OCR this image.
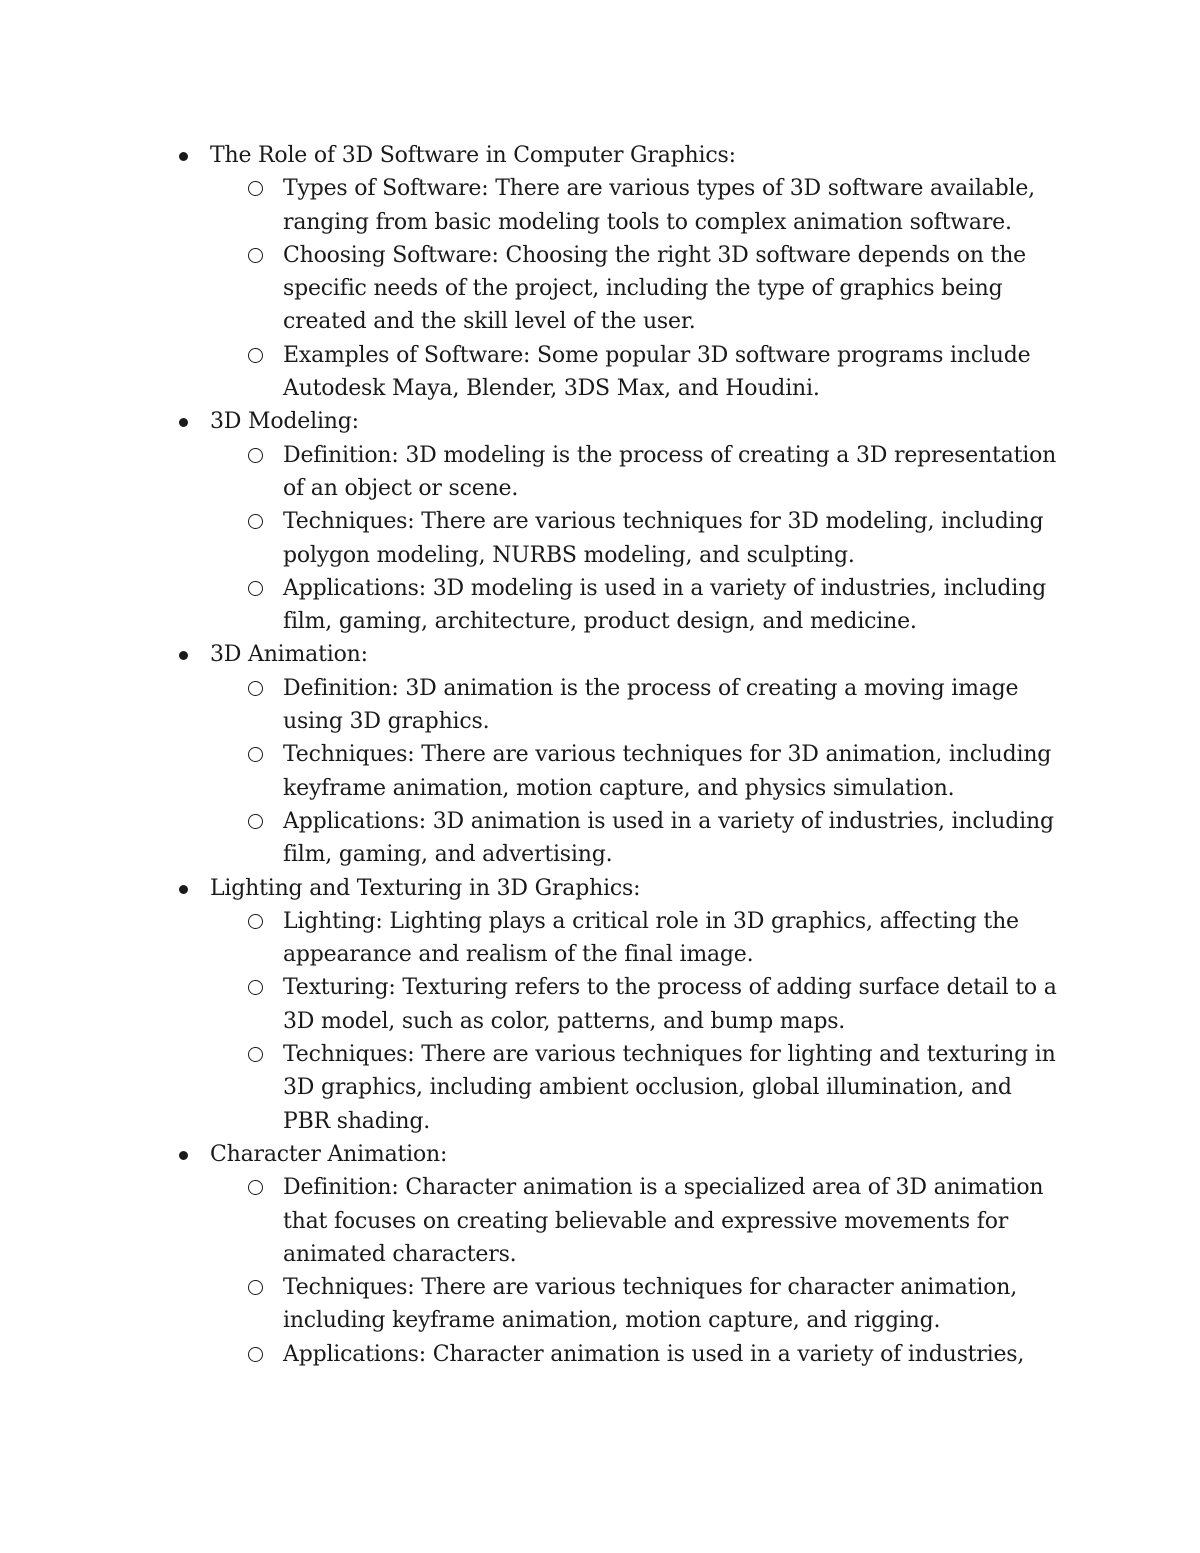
The Role of 3D Software in Computer Graphics:
Types of Software: There are various types of 3D software available, ranging from basic modeling tools to complex animation software.
Choosing Software: Choosing the right 3D software depends on the specific needs of the project, including the type of graphics being created and the skill level of the user.
Examples of Software: Some popular 3D software programs include Autodesk Maya, Blender, 3DS Max, and Houdini.
3D Modeling:
Definition: 3D modeling is the process of creating a 3D representation of an object or scene.
Techniques: There are various techniques for 3D modeling, including polygon modeling, NURBS modeling, and sculpting.
Applications: 3D modeling is used in a variety of industries, including film, gaming, architecture, product design, and medicine.
3D Animation:
Definition: 3D animation is the process of creating a moving image using 3D graphics.
Techniques: There are various techniques for 3D animation, including keyframe animation, motion capture, and physics simulation.
Applications: 3D animation is used in a variety of industries, including film, gaming, and advertising.
Lighting and Texturing in 3D Graphics:
Lighting: Lighting plays a critical role in 3D graphics, affecting the appearance and realism of the final image.
Texturing: Texturing refers to the process of adding surface detail to a 3D model, such as color, patterns, and bump maps.
Techniques: There are various techniques for lighting and texturing in 3D graphics, including ambient occlusion, global illumination, and PBR shading.
Character Animation:
Definition: Character animation is a specialized area of 3D animation that focuses on creating believable and expressive movements for animated characters.
Techniques: There are various techniques for character animation, including keyframe animation, motion capture, and rigging.
Applications: Character animation is used in a variety of industries,
